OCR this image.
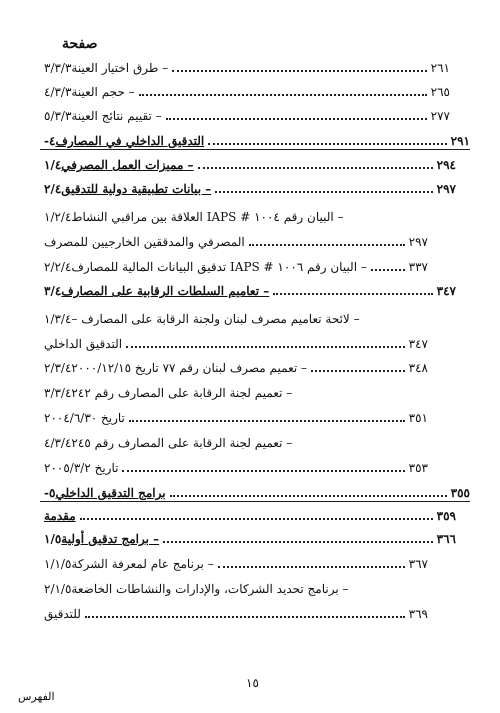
صفحة
٣/٣/٣ – طرق اختيار العينة	٢٦١
٤/٣/٣ – حجم العينة	٢٦٥
٥/٣/٣ – تقييم نتائج العينة	٢٧٧
٤- التدقيق الداخلي في المصارف	٢٩١
١/٤ – مميزات العمل المصرفي	٢٩٤
٢/٤ – بيانات تطبيقية دولية للتدقيق	٢٩٧
١/٢/٤ – البيان رقم ١٠٠٤ # IAPS العلاقة بين مراقبي النشاط
المصرفي والمدققين الخارجيين للمصرف	٢٩٧
٢/٢/٤ – البيان رقم ١٠٠٦ # IAPS تدقيق البيانات المالية للمصارف	٣٣٧
٣/٤ – تعاميم السلطات الرقابية على المصارف	٣٤٧
١/٣/٤ – لائحة تعاميم مصرف لبنان ولجنة الرقابة على المصارف –
التدقيق الداخلي	٣٤٧
٢/٣/٤ – تعميم مصرف لبنان رقم ٧٧ تاريخ ٢٠٠٠/١٢/١٥	٣٤٨
٣/٣/٤ – تعميم لجنة الرقابة على المصارف رقم ٢٤٢
تاريخ ٢٠٠٤/٦/٣٠	٣٥١
٤/٣/٤ – تعميم لجنة الرقابة على المصارف رقم ٢٤٥
تاريخ ٢٠٠٥/٣/٢	٣٥٣
٥- برامج التدقيق الداخلي	٣٥٥
مقدمة	٣٥٩
١/٥ – برامج تدقيق أولية	٣٦٦
١/١/٥ – برنامج عام لمعرفة الشركة	٣٦٧
٢/١/٥ – برنامج تحديد الشركات، والإدارات والنشاطات الخاضعة
للتدقيق	٣٦٩
١٥
الفهرس
